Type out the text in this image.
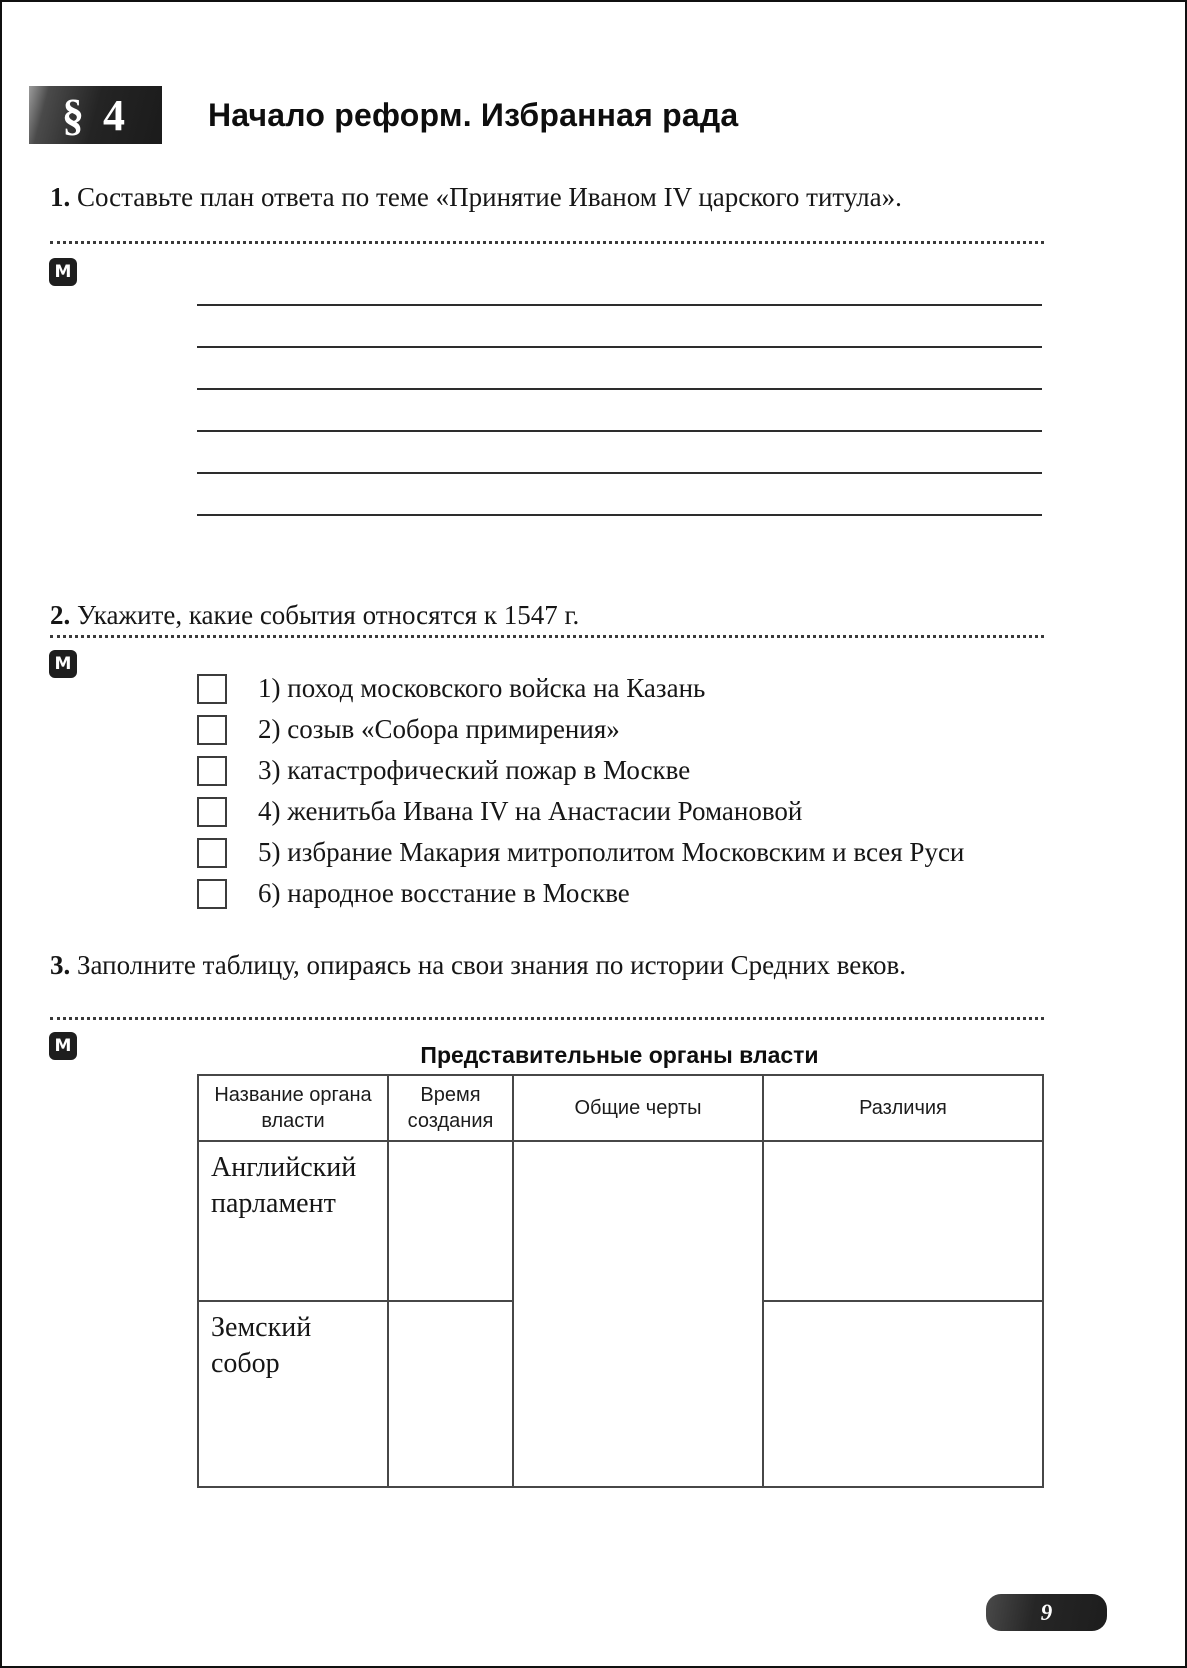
§ 4	Начало реформ. Избранная рада

1. Составьте план ответа по теме «Принятие Иваном IV царского титула».

М

2. Укажите, какие события относятся к 1547 г.

М
1) поход московского войска на Казань
2) созыв «Собора примирения»
3) катастрофический пожар в Москве
4) женитьба Ивана IV на Анастасии Романовой
5) избрание Макария митрополитом Московским и всея Руси
6) народное восстание в Москве

3. Заполните таблицу, опираясь на свои знания по истории Средних веков.

М	Представительные органы власти
Название органа власти	Время создания	Общие черты	Различия
Английский парламент			
Земский собор			
9
